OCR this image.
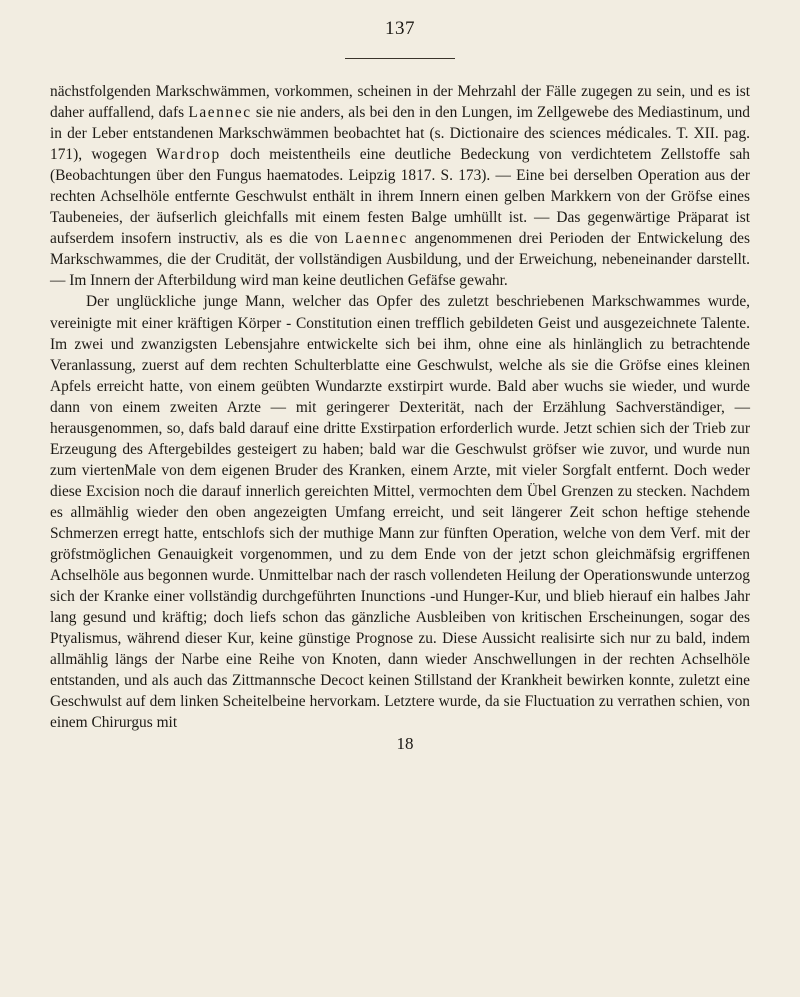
137

nächstfolgenden Markschwämmen, vorkommen, scheinen in der Mehrzahl der Fälle zugegen zu sein, und es ist daher auffallend, dafs Laennec sie nie anders, als bei den in den Lungen, im Zellgewebe des Mediastinum, und in der Leber entstandenen Markschwämmen beobachtet hat (s. Dictionaire des sciences médicales. T. XII. pag. 171), wogegen Wardrop doch meistentheils eine deutliche Bedeckung von verdichtetem Zellstoffe sah (Beobachtungen über den Fungus haematodes. Leipzig 1817. S. 173). — Eine bei derselben Operation aus der rechten Achselhöle entfernte Geschwulst enthält in ihrem Innern einen gelben Markkern von der Gröfse eines Taubeneies, der äufserlich gleichfalls mit einem festen Balge umhüllt ist. — Das gegenwärtige Präparat ist aufserdem insofern instructiv, als es die von Laennec angenommenen drei Perioden der Entwickelung des Markschwammes, die der Crudität, der vollständigen Ausbildung, und der Erweichung, nebeneinander darstellt. — Im Innern der Afterbildung wird man keine deutlichen Gefäfse gewahr.

Der unglückliche junge Mann, welcher das Opfer des zuletzt beschriebenen Markschwammes wurde, vereinigte mit einer kräftigen Körper - Constitution einen trefflich gebildeten Geist und ausgezeichnete Talente. Im zwei und zwanzigsten Lebensjahre entwickelte sich bei ihm, ohne eine als hinlänglich zu betrachtende Veranlassung, zuerst auf dem rechten Schulterblatte eine Geschwulst, welche als sie die Gröfse eines kleinen Apfels erreicht hatte, von einem geübten Wundarzte exstirpirt wurde. Bald aber wuchs sie wieder, und wurde dann von einem zweiten Arzte — mit geringerer Dexterität, nach der Erzählung Sachverständiger, — herausgenommen, so, dafs bald darauf eine dritte Exstirpation erforderlich wurde. Jetzt schien sich der Trieb zur Erzeugung des Aftergebildes gesteigert zu haben; bald war die Geschwulst gröfser wie zuvor, und wurde nun zum viertenMale von dem eigenen Bruder des Kranken, einem Arzte, mit vieler Sorgfalt entfernt. Doch weder diese Excision noch die darauf innerlich gereichten Mittel, vermochten dem Übel Grenzen zu stecken. Nachdem es allmählig wieder den oben angezeigten Umfang erreicht, und seit längerer Zeit schon heftige stehende Schmerzen erregt hatte, entschlofs sich der muthige Mann zur fünften Operation, welche von dem Verf. mit der gröfstmöglichen Genauigkeit vorgenommen, und zu dem Ende von der jetzt schon gleichmäfsig ergriffenen Achselhöle aus begonnen wurde. Unmittelbar nach der rasch vollendeten Heilung der Operationswunde unterzog sich der Kranke einer vollständig durchgeführten Inunctions -und Hunger-Kur, und blieb hierauf ein halbes Jahr lang gesund und kräftig; doch liefs schon das gänzliche Ausbleiben von kritischen Erscheinungen, sogar des Ptyalismus, während dieser Kur, keine günstige Prognose zu. Diese Aussicht realisirte sich nur zu bald, indem allmählig längs der Narbe eine Reihe von Knoten, dann wieder Anschwellungen in der rechten Achselhöle entstanden, und als auch das Zittmannsche Decoct keinen Stillstand der Krankheit bewirken konnte, zuletzt eine Geschwulst auf dem linken Scheitelbeine hervorkam. Letztere wurde, da sie Fluctuation zu verrathen schien, von einem Chirurgus mit

18
